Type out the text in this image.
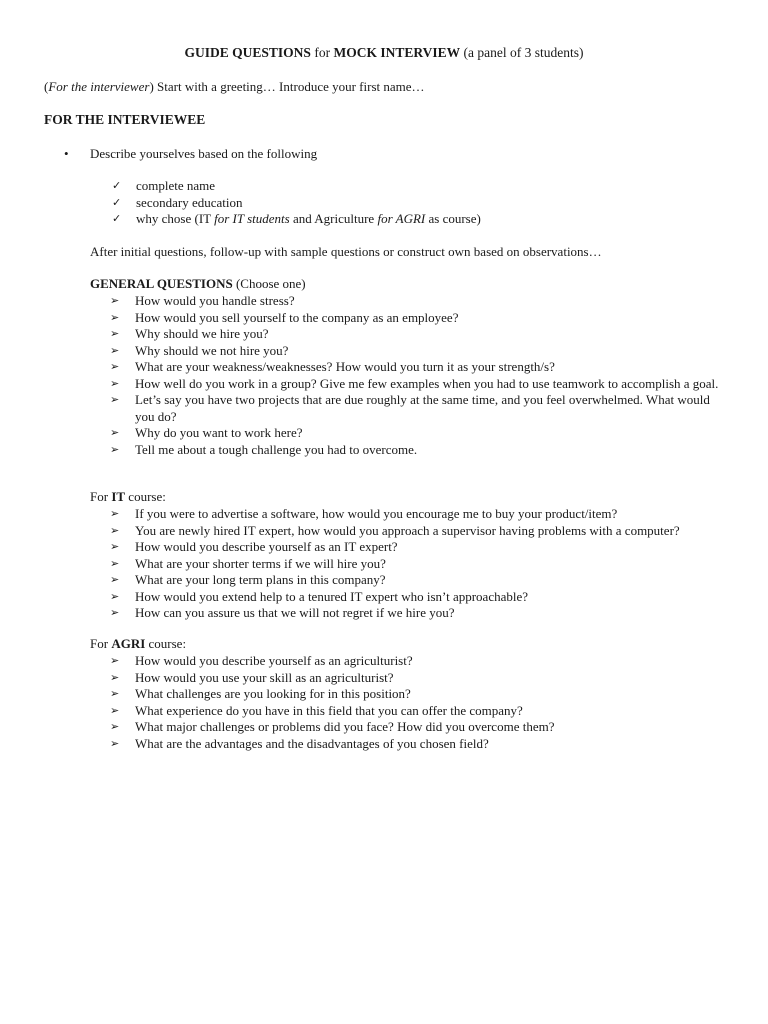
GUIDE QUESTIONS for MOCK INTERVIEW (a panel of 3 students)
(For the interviewer) Start with a greeting… Introduce your first name…
FOR THE INTERVIEWEE
• Describe yourselves based on the following
✓ complete name
✓ secondary education
✓ why chose (IT for IT students and Agriculture for AGRI as course)
After initial questions, follow-up with sample questions or construct own based on observations…
GENERAL QUESTIONS (Choose one)
➢ How would you handle stress?
➢ How would you sell yourself to the company as an employee?
➢ Why should we hire you?
➢ Why should we not hire you?
➢ What are your weakness/weaknesses? How would you turn it as your strength/s?
➢ How well do you work in a group? Give me few examples when you had to use teamwork to accomplish a goal.
➢ Let’s say you have two projects that are due roughly at the same time, and you feel overwhelmed. What would you do?
➢ Why do you want to work here?
➢ Tell me about a tough challenge you had to overcome.
For IT course:
➢ If you were to advertise a software, how would you encourage me to buy your product/item?
➢ You are newly hired IT expert, how would you approach a supervisor having problems with a computer?
➢ How would you describe yourself as an IT expert?
➢ What are your shorter terms if we will hire you?
➢ What are your long term plans in this company?
➢ How would you extend help to a tenured IT expert who isn’t approachable?
➢ How can you assure us that we will not regret if we hire you?
For AGRI course:
➢ How would you describe yourself as an agriculturist?
➢ How would you use your skill as an agriculturist?
➢ What challenges are you looking for in this position?
➢ What experience do you have in this field that you can offer the company?
➢ What major challenges or problems did you face? How did you overcome them?
➢ What are the advantages and the disadvantages of you chosen field?
